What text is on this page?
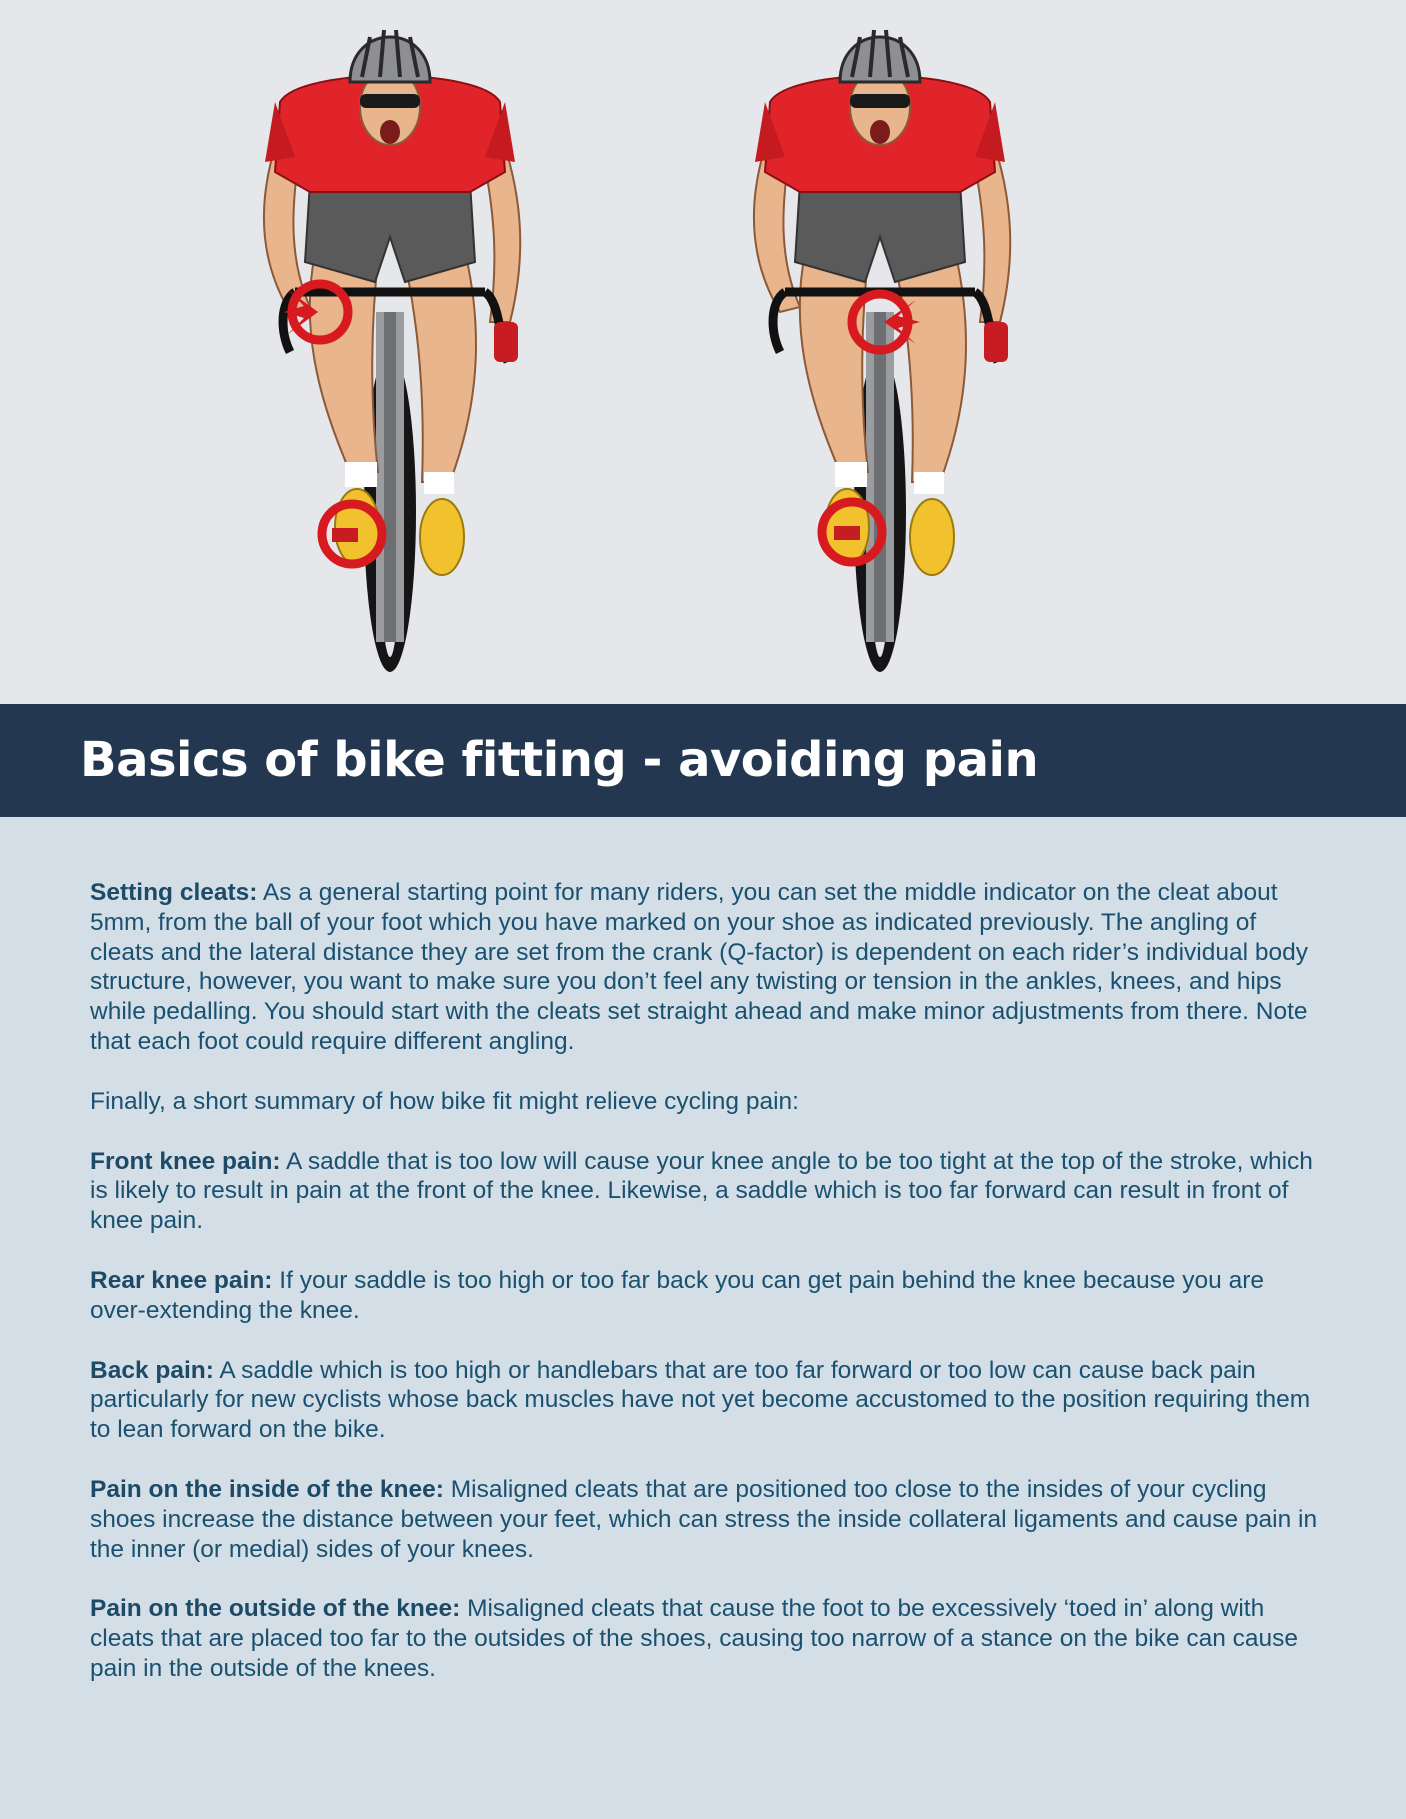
Basics of bike fitting - avoiding pain

Setting cleats: As a general starting point for many riders, you can set the middle indicator on the cleat about 5mm, from the ball of your foot which you have marked on your shoe as indicated previously. The angling of cleats and the lateral distance they are set from the crank (Q-factor) is dependent on each rider’s individual body structure, however, you want to make sure you don’t feel any twisting or tension in the ankles, knees, and hips while pedalling. You should start with the cleats set straight ahead and make minor adjustments from there. Note that each foot could require different angling.

Finally, a short summary of how bike fit might relieve cycling pain:

Front knee pain: A saddle that is too low will cause your knee angle to be too tight at the top of the stroke, which is likely to result in pain at the front of the knee. Likewise, a saddle which is too far forward can result in front of knee pain.

Rear knee pain: If your saddle is too high or too far back you can get pain behind the knee because you are over-extending the knee.

Back pain: A saddle which is too high or handlebars that are too far forward or too low can cause back pain particularly for new cyclists whose back muscles have not yet become accustomed to the position requiring them to lean forward on the bike.

Pain on the inside of the knee: Misaligned cleats that are positioned too close to the insides of your cycling shoes increase the distance between your feet, which can stress the inside collateral ligaments and cause pain in the inner (or medial) sides of your knees.

Pain on the outside of the knee: Misaligned cleats that cause the foot to be excessively ‘toed in’ along with cleats that are placed too far to the outsides of the shoes, causing too narrow of a stance on the bike can cause pain in the outside of the knees.
